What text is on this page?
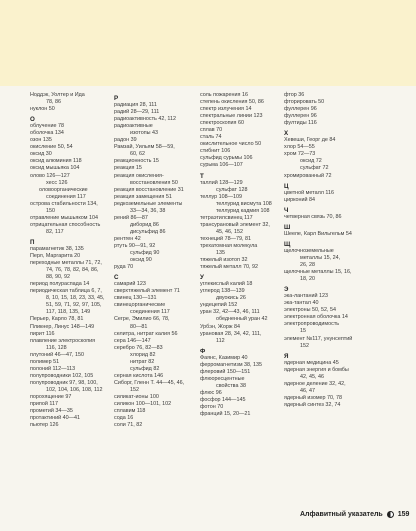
Ноддэк, Уолтер и Ида
78, 86
нуклон 50
О
облучение 78
оболочка 134
озон 135
окисление 50, 54
оксид 30
оксид алюминия 118
оксид мышьяка 104
олово 126—127
хесс 126
оловоорганические
соединения 117
острова стабильности 134,
150
отравление мышьяком 104
отрицательная способность
82, 117
П
парамагнетик 38, 135
Перл, Маргарита 20
переходные металлы 71, 72,
74, 76, 78, 82, 84, 86,
88, 90, 92
период полураспада 14
периодическая таблица 6, 7,
8, 10, 15, 18, 23, 33, 45,
51, 59, 71, 92, 97, 105,
117, 118, 135, 149
Перьер, Карло 78, 81
Пликнер, Линус 148—149
пирит 116
плавление электроскопия
116, 128
плутоний 46—47, 150
полимер 51
полоний 112—113
полупроводники 102, 105
полупроводник 97, 98, 100,
102, 104, 106, 108, 112
порохящение 97
припой 117
прометий 34—35
протактиний 40—41
пьютер 126
Р
радиация 28, 111
радий 28—29, 111
радиоактивность 42, 112
радиоактивные
изотопы 43
радон 39
Рамзай, Уильям 58—59,
60, 62
реакционность 15
реакция 15
реакция окисления-
восстановления 50
реакция восстановление 31
реакция замещения 51
редкоземельные элементы
33—34, 36, 38
рений 86—87
диборид 86
дисульфид 86
рентген 42
ртуть 90—91, 92
сульфид 90
оксид 90
руда 70
С
самарий 123
сверхтяжелый элемент 71
свинец 130—131
свинецорганические
соединения 117
Сегре, Эмилио 66, 78,
80—81
селитра, нитрат калия 56
сера 146—147
серебро 76, 82—83
хлорид 82
нитрат 82
сульфид 82
серная кислота 146
Сиборг, Гленн Т. 44—45, 46,
152
силикат-ионы 100
силикон 100—101, 102
сплавим 118
сода 16
соли 71, 82
соль пожарения 16
степень окисления 50, 86
спектр излучения 14
спектральные линии 123
спектроскопия 60
сплав 70
сталь 74
окислительное число 50
стибнит 106
сульфид сурьмы 106
сурьма 106—107
Т
таллий 128—129
сульфат 128
теллур 108—109
теллурид висмута 108
теллурид кадмия 108
тетраэтилсвинец 117
трансурановый элемент 32,
45, 46, 152
технеций 78—79, 81
трехатомная молекула
135
тяжелый изотоп 32
тяжелый металл 70, 92
У
углекислый калий 18
углерод 138—139
двуокись 26
ундецепий 152
уран 32, 42—43, 46, 111
обедненный уран 42
Урбэн, Жорж 84
урановая 28, 34, 42, 111,
112
Ф
Фаянс, Казимир 40
ферромагнетизм 38, 135
флеровий 150—151
флюоресцентные
свойства 38
флюс 96
фосфор 144—145
фотон 70
франций 15, 20—21
фтор 36
фторировать 50
фуллерен 96
фуллерен 96
фултиды 116
Х
Хевеши, Георг де 84
хлор 54—55
хром 72—73
оксид 72
сульфат 72
хромированный 72
Ц
цветной металл 116
цирконий 84
Ч
четверная связь 70, 86
Ш
Шееле, Карл Вильгельм 54
Щ
щелочноземельные
металлы 15, 24,
26, 28
щелочные металлы 15, 16,
18, 20
Э
эка-лантаний 123
эка-тантал 40
электроны 50, 52, 54
электронная оболочка 14
электропроводимость
15
элемент №117, унунсептий
152
Я
ядерная медицина 45
ядерная энергия и бомбы
42, 45, 46
ядерное деление 32, 42,
46, 47
ядерный изомер 70, 78
ядерный синтез 32, 74
Алфавитный указатель 159
